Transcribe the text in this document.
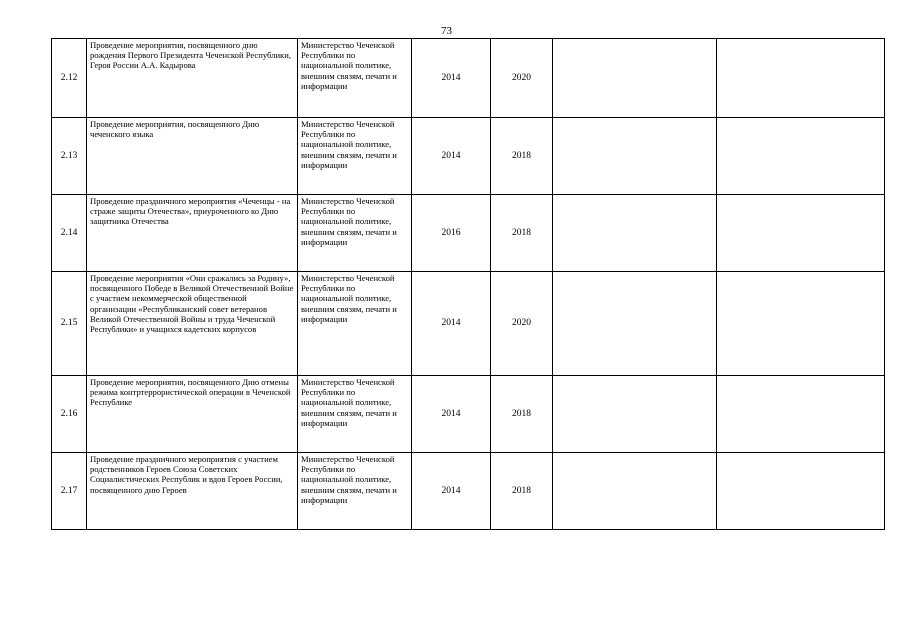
73
2.12	Проведение мероприятия, посвященного дню рождения Первого Президента Чеченской Республики, Героя России А.А. Кадырова	Министерство Чеченской Республики по национальной политике, внешним связям, печати и информации	2014	2020		
2.13	Проведение мероприятия, посвященного Дню чеченского языка	Министерство Чеченской Республики по национальной политике, внешним связям, печати и информации	2014	2018		
2.14	Проведение праздничного мероприятия «Чеченцы - на страже защиты Отечества», приуроченного ко Дню защитника Отечества	Министерство Чеченской Республики по национальной политике, внешним связям, печати и информации	2016	2018		
2.15	Проведение мероприятия «Они сражались за Родину», посвященного Победе в Великой Отечественной Войне с участием некоммерческой общественной организации «Республиканский совет ветеранов Великой Отечественной Войны и труда Чеченской Республики» и учащихся кадетских корпусов	Министерство Чеченской Республики по национальной политике, внешним связям, печати и информации	2014	2020		
2.16	Проведение мероприятия, посвященного Дню отмены режима контртеррористической операции в Чеченской Республике	Министерство Чеченской Республики по национальной политике, внешним связям, печати и информации	2014	2018		
2.17	Проведение праздничного мероприятия с участием родственников Героев Союза Советских Социалистических Республик и вдов Героев России, посвященного дню Героев	Министерство Чеченской Республики по национальной политике, внешним связям, печати и информации	2014	2018		
